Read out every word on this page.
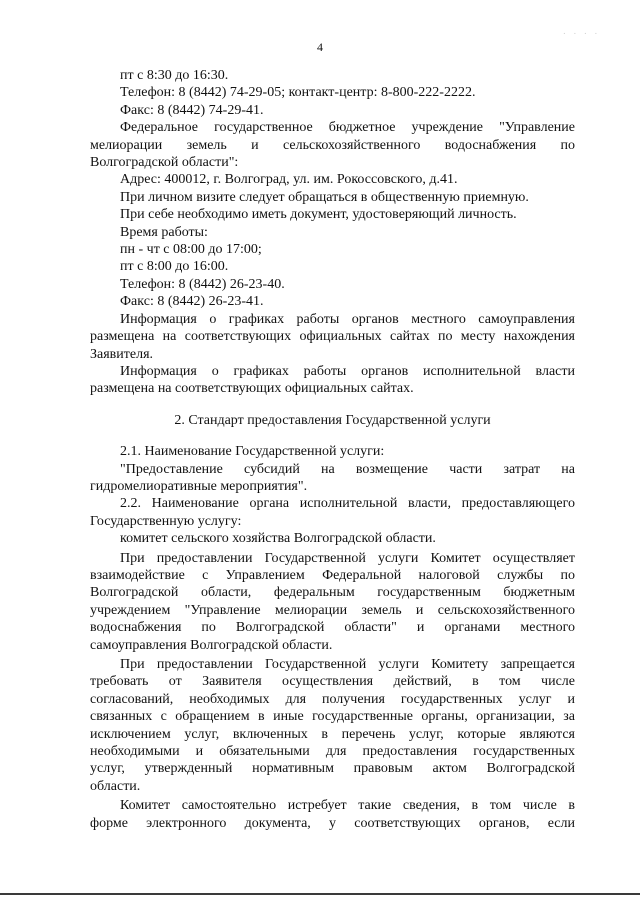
4
. . . .

пт с 8:30 до 16:30.

Телефон: 8 (8442) 74-29-05; контакт-центр: 8-800-222-2222.

Факс: 8 (8442) 74-29-41.

Федеральное государственное бюджетное учреждение "Управление

мелиорации земель и сельскохозяйственного водоснабжения по

Волгоградской области":

Адрес: 400012, г. Волгоград, ул. им. Рокоссовского, д.41.

При личном визите следует обращаться в общественную приемную.

При себе необходимо иметь документ, удостоверяющий личность.

Время работы:

пн - чт с 08:00 до 17:00;

пт с 8:00 до 16:00.

Телефон: 8 (8442) 26-23-40.

Факс: 8 (8442) 26-23-41.

Информация о графиках работы органов местного самоуправления

размещена на соответствующих официальных сайтах по месту нахождения

Заявителя.

Информация о графиках работы органов исполнительной власти

размещена на соответствующих официальных сайтах.

2. Стандарт предоставления Государственной услуги

2.1. Наименование Государственной услуги:

"Предоставление субсидий на возмещение части затрат на

гидромелиоративные мероприятия".

2.2. Наименование органа исполнительной власти, предоставляющего

Государственную услугу:

комитет сельского хозяйства Волгоградской области.

При предоставлении Государственной услуги Комитет осуществляет

взаимодействие с Управлением Федеральной налоговой службы по

Волгоградской области, федеральным государственным бюджетным

учреждением "Управление мелиорации земель и сельскохозяйственного

водоснабжения по Волгоградской области" и органами местного

самоуправления Волгоградской области.

При предоставлении Государственной услуги Комитету запрещается

требовать от Заявителя осуществления действий, в том числе

согласований, необходимых для получения государственных услуг и

связанных с обращением в иные государственные органы, организации, за

исключением услуг, включенных в перечень услуг, которые являются

необходимыми и обязательными для предоставления государственных

услуг, утвержденный нормативным правовым актом Волгоградской

области.

Комитет самостоятельно истребует такие сведения, в том числе в

форме электронного документа, у соответствующих органов, если
